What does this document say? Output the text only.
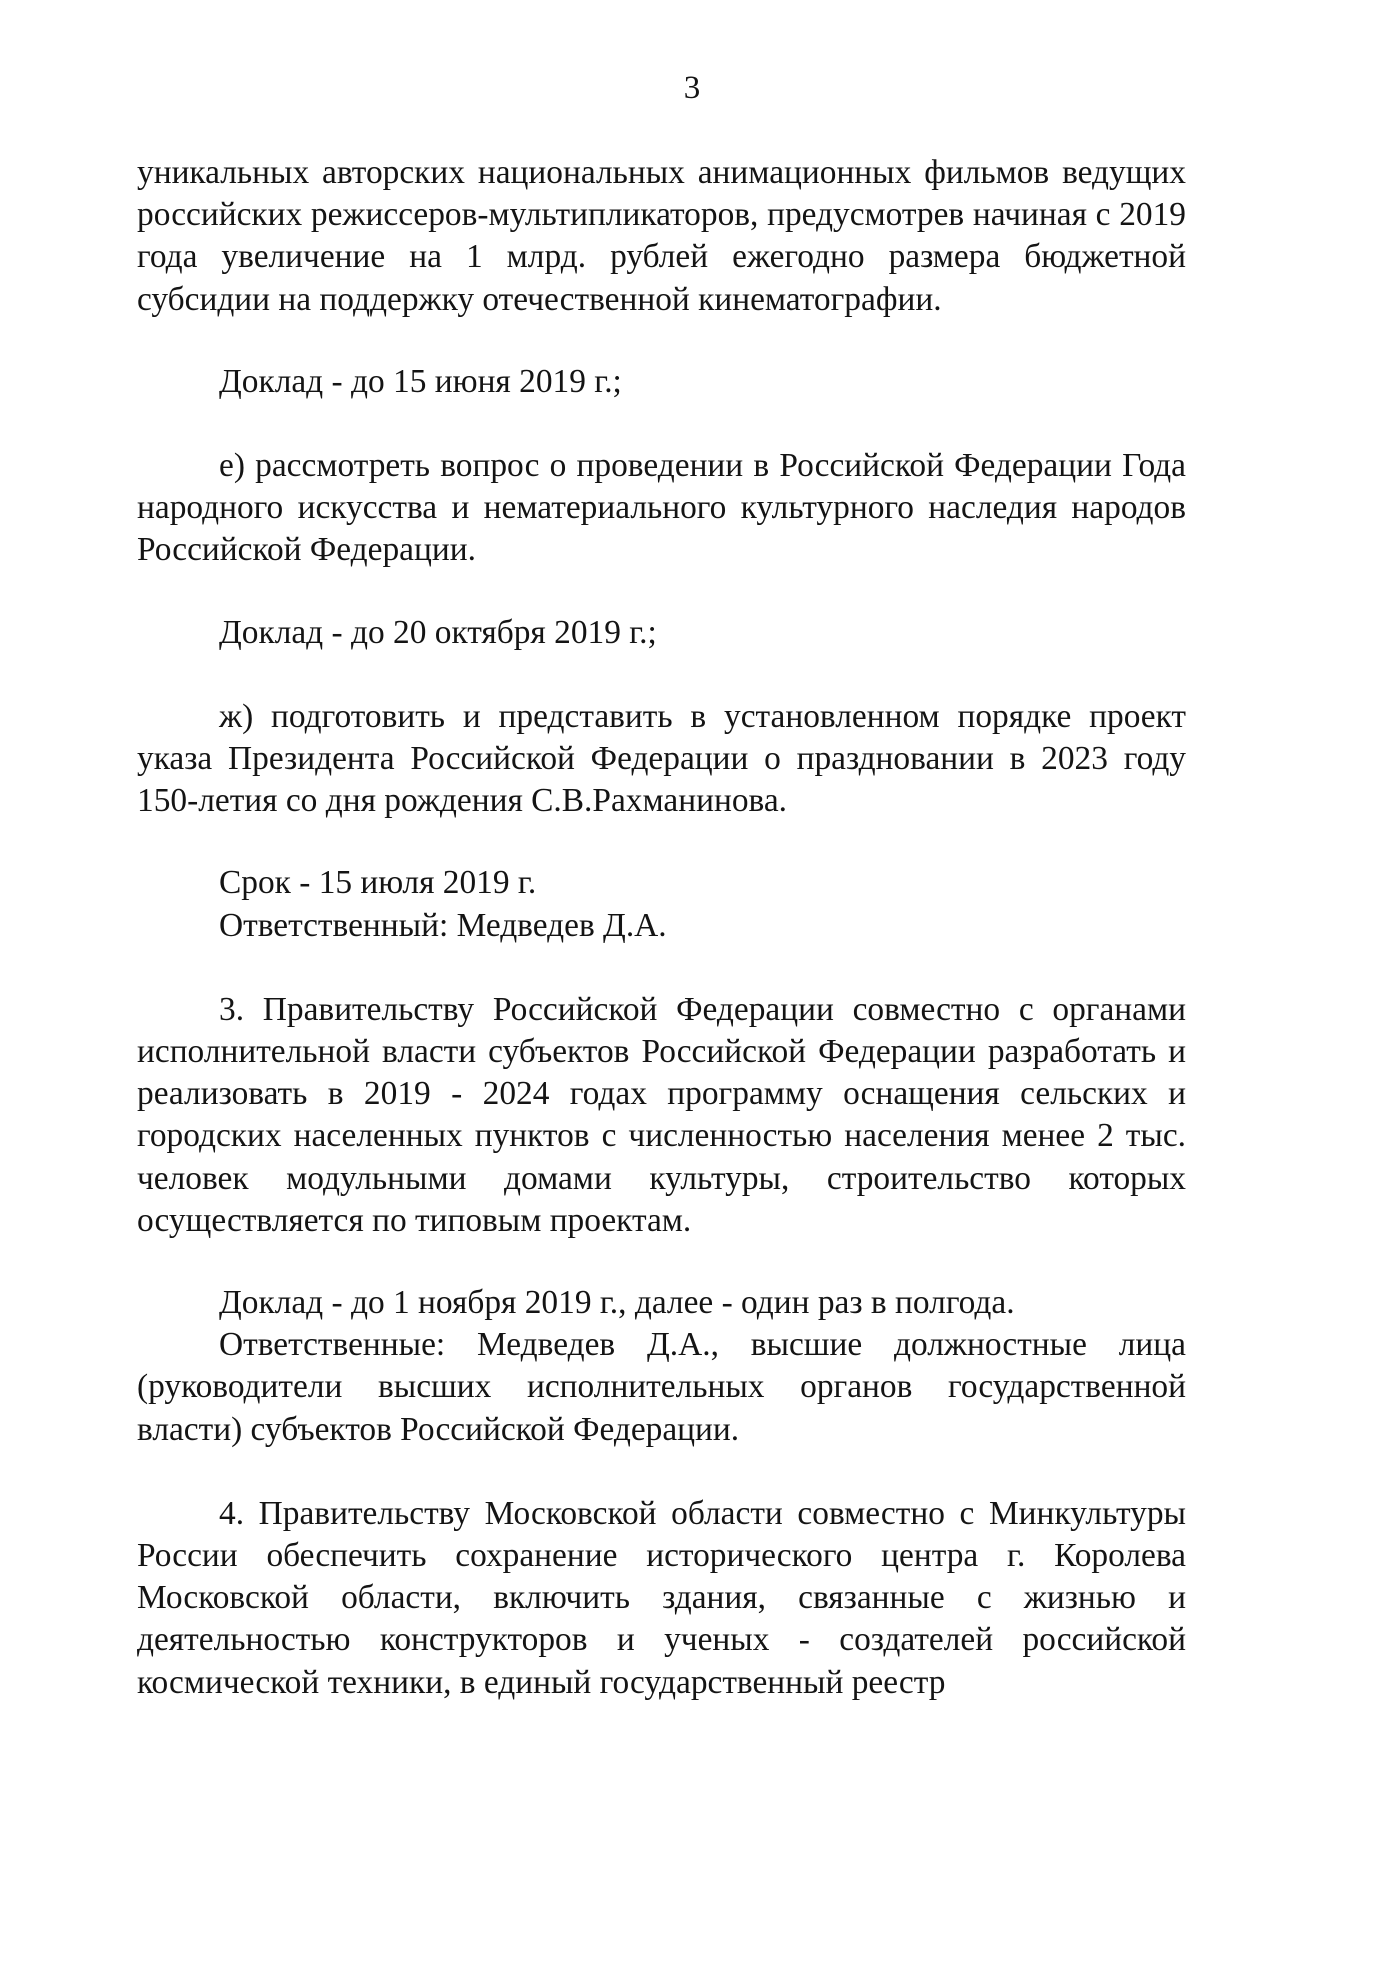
3

уникальных авторских национальных анимационных фильмов ведущих российских режиссеров-мультипликаторов, предусмотрев начиная с 2019 года увеличение на 1 млрд. рублей ежегодно размера бюджетной субсидии на поддержку отечественной кинематографии.

Доклад - до 15 июня 2019 г.;

е) рассмотреть вопрос о проведении в Российской Федерации Года народного искусства и нематериального культурного наследия народов Российской Федерации.

Доклад - до 20 октября 2019 г.;

ж) подготовить и представить в установленном порядке проект указа Президента Российской Федерации о праздновании в 2023 году 150-летия со дня рождения С.В.Рахманинова.

Срок - 15 июля 2019 г.

Ответственный: Медведев Д.А.

3. Правительству Российской Федерации совместно с органами исполнительной власти субъектов Российской Федерации разработать и реализовать в 2019 - 2024 годах программу оснащения сельских и городских населенных пунктов с численностью населения менее 2 тыс. человек модульными домами культуры, строительство которых осуществляется по типовым проектам.

Доклад - до 1 ноября 2019 г., далее - один раз в полгода.

Ответственные: Медведев Д.А., высшие должностные лица (руководители высших исполнительных органов государственной власти) субъектов Российской Федерации.

4. Правительству Московской области совместно с Минкультуры России обеспечить сохранение исторического центра г. Королева Московской области, включить здания, связанные с жизнью и деятельностью конструкторов и ученых - создателей российской космической техники, в единый государственный реестр
